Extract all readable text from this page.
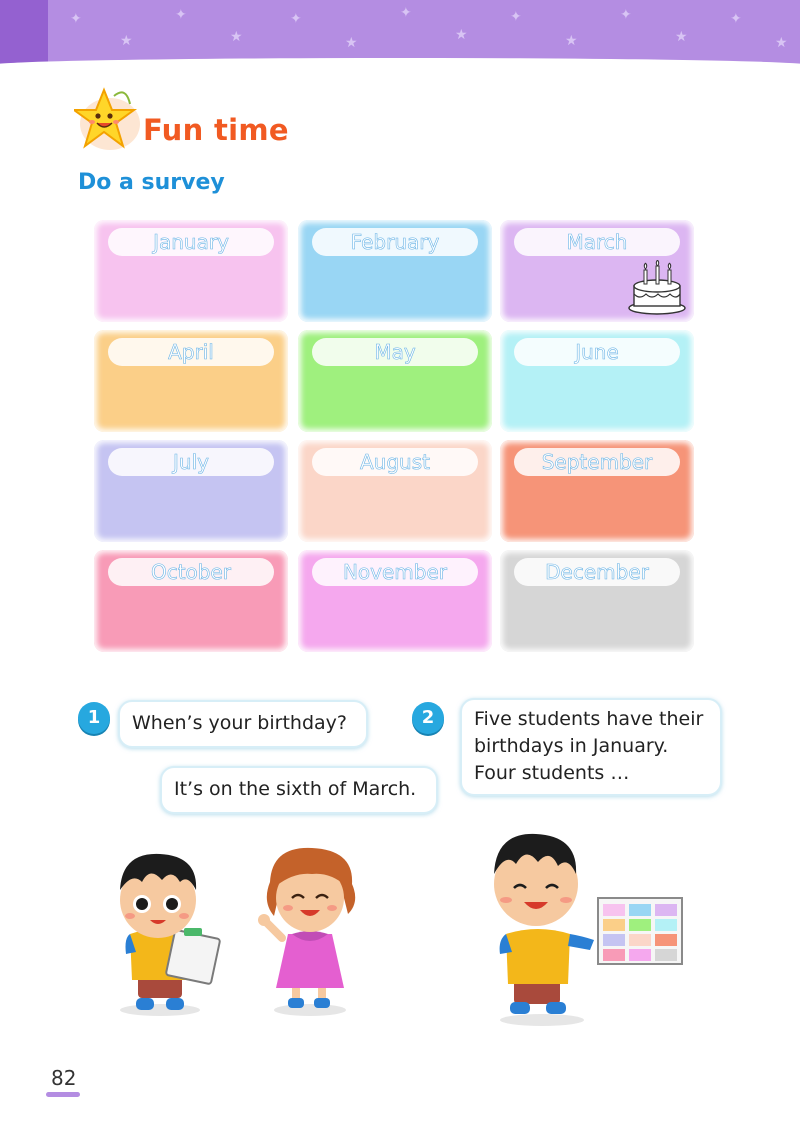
✦
★
✦
★
✦
★
✦
★
✦
★
✦
★
✦
★
Fun time
Do a survey
January	February	March
April	May	June
July	August	September
October	November	December
1	When’s your birthday?
It’s on the sixth of March.
2	Five students have their
birthdays in January.
Four students …
82
